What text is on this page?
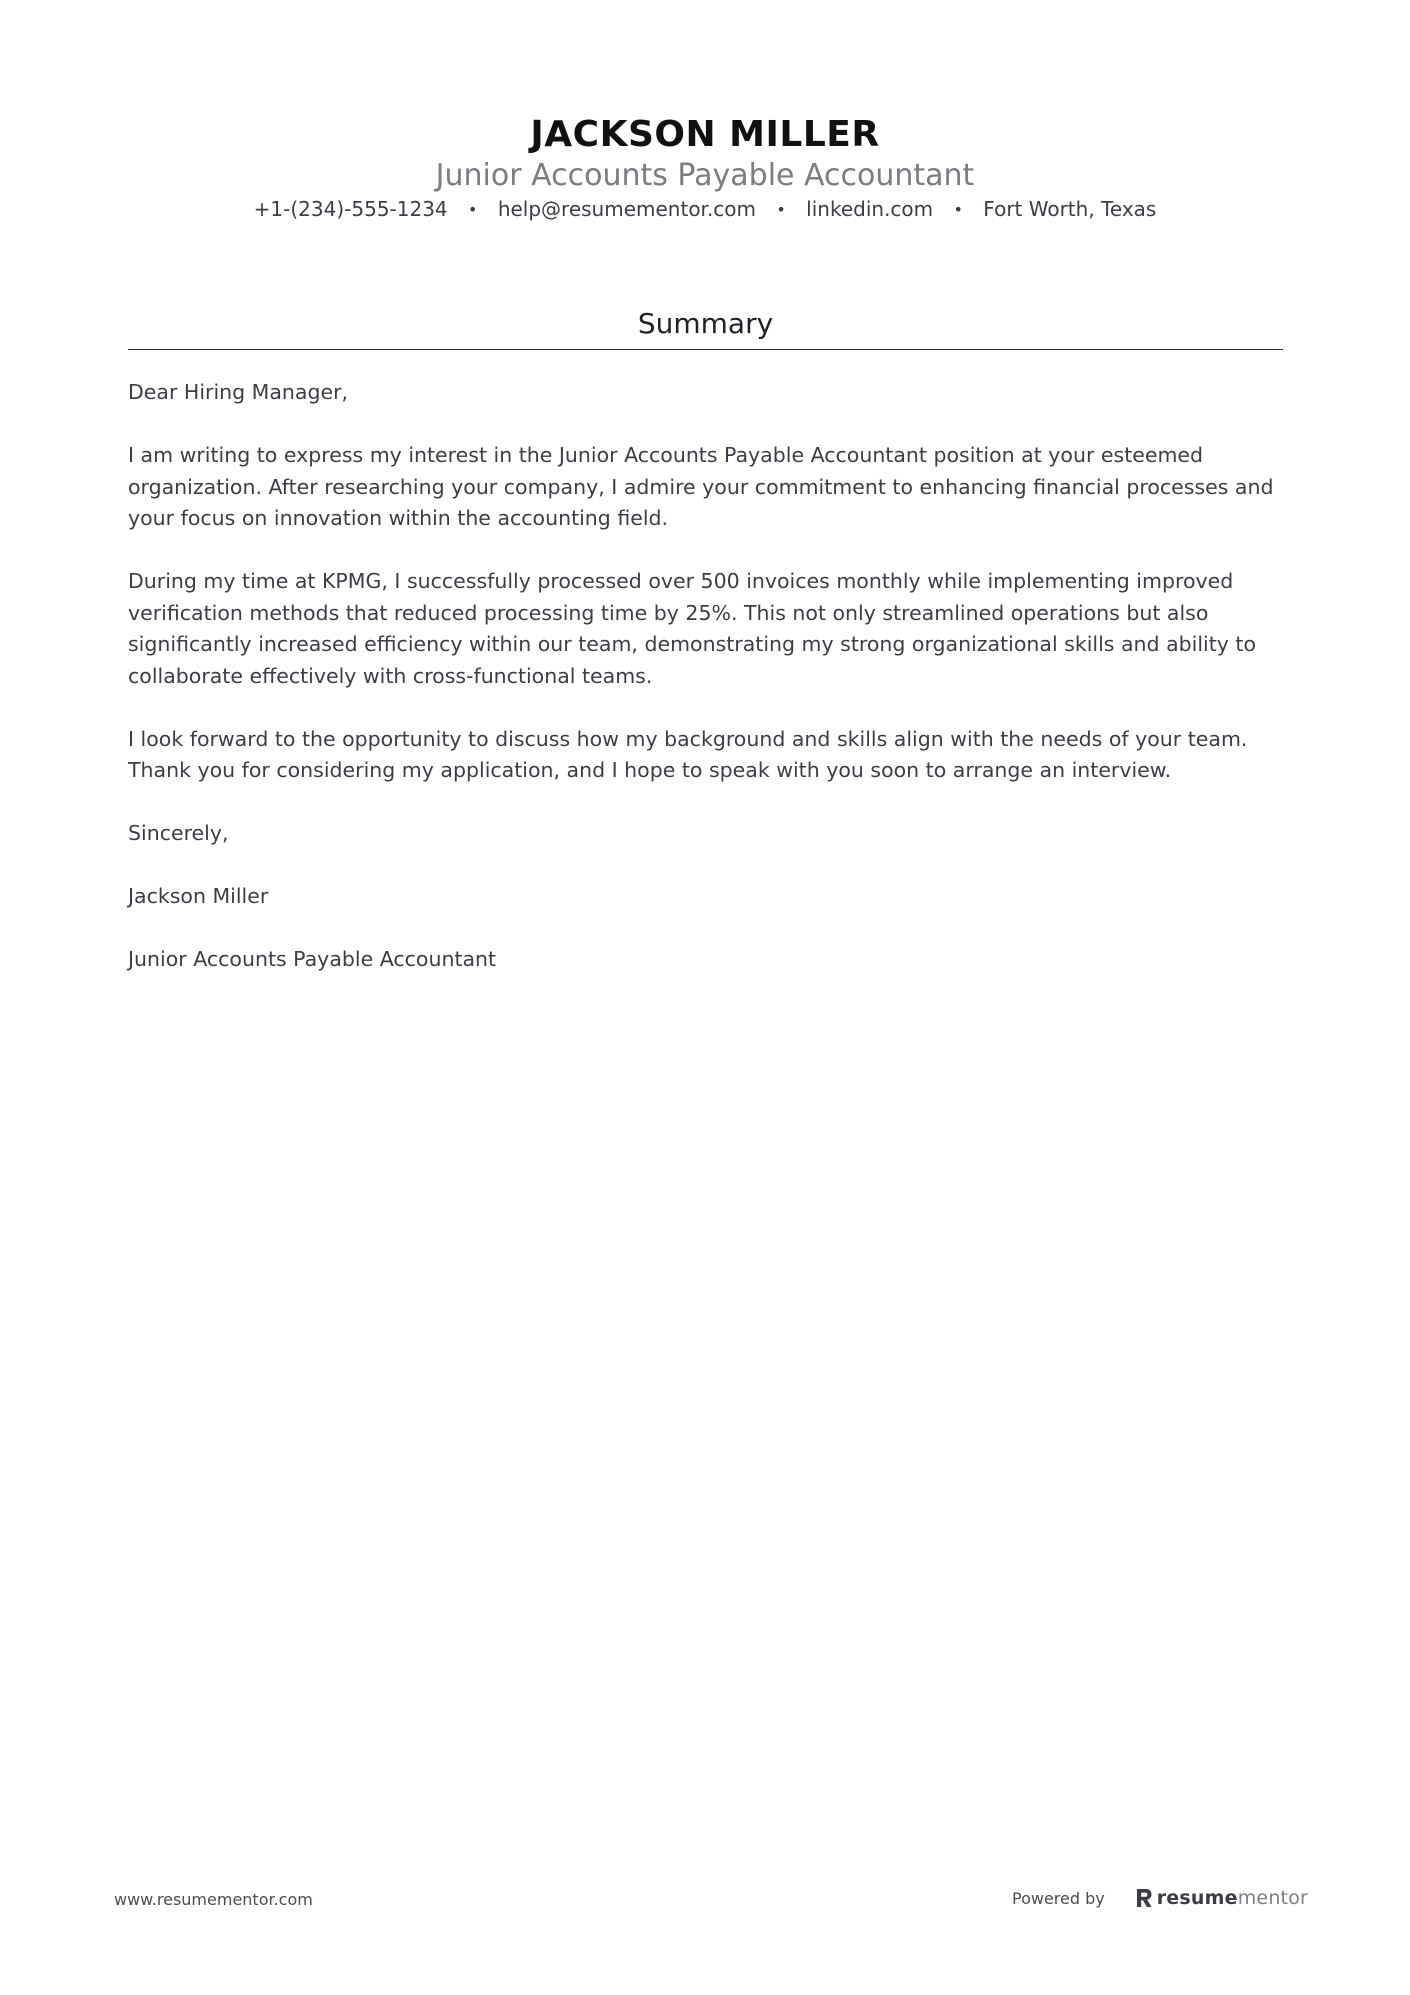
JACKSON MILLER
Junior Accounts Payable Accountant
+1-(234)-555-1234 • help@resumementor.com • linkedin.com • Fort Worth, Texas
Summary

Dear Hiring Manager,

I am writing to express my interest in the Junior Accounts Payable Accountant position at your esteemed organization. After researching your company, I admire your commitment to enhancing financial processes and your focus on innovation within the accounting field.

During my time at KPMG, I successfully processed over 500 invoices monthly while implementing improved verification methods that reduced processing time by 25%. This not only streamlined operations but also significantly increased efficiency within our team, demonstrating my strong organizational skills and ability to collaborate effectively with cross-functional teams.

I look forward to the opportunity to discuss how my background and skills align with the needs of your team. Thank you for considering my application, and I hope to speak with you soon to arrange an interview.

Sincerely,

Jackson Miller

Junior Accounts Payable Accountant

www.resumementor.com	Powered by	resumementor
